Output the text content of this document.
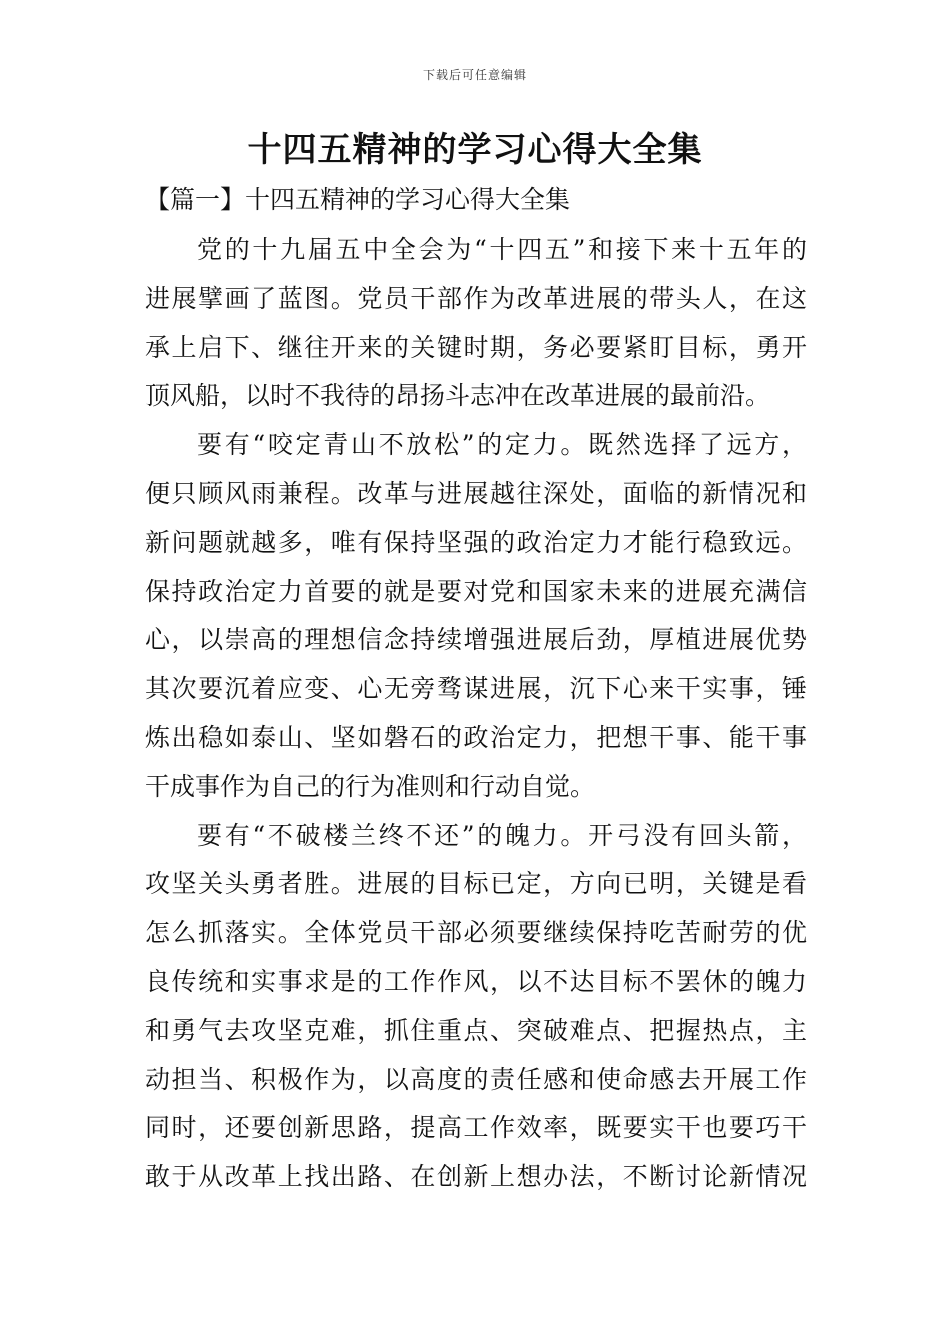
下载后可任意编辑
十四五精神的学习心得大全集
【篇一】十四五精神的学习心得大全集
党的十九届五中全会为“十四五”和接下来十五年的
进展擘画了蓝图。党员干部作为改革进展的带头人，在这
承上启下、继往开来的关键时期，务必要紧盯目标，勇开
顶风船，以时不我待的昂扬斗志冲在改革进展的最前沿。
要有“咬定青山不放松”的定力。既然选择了远方，
便只顾风雨兼程。改革与进展越往深处，面临的新情况和
新问题就越多，唯有保持坚强的政治定力才能行稳致远。
保持政治定力首要的就是要对党和国家未来的进展充满信
心，以崇高的理想信念持续增强进展后劲，厚植进展优势
其次要沉着应变、心无旁骛谋进展，沉下心来干实事，锤
炼出稳如泰山、坚如磐石的政治定力，把想干事、能干事
干成事作为自己的行为准则和行动自觉。
要有“不破楼兰终不还”的魄力。开弓没有回头箭，
攻坚关头勇者胜。进展的目标已定，方向已明，关键是看
怎么抓落实。全体党员干部必须要继续保持吃苦耐劳的优
良传统和实事求是的工作作风，以不达目标不罢休的魄力
和勇气去攻坚克难，抓住重点、突破难点、把握热点，主
动担当、积极作为，以高度的责任感和使命感去开展工作
同时，还要创新思路，提高工作效率，既要实干也要巧干
敢于从改革上找出路、在创新上想办法，不断讨论新情况
